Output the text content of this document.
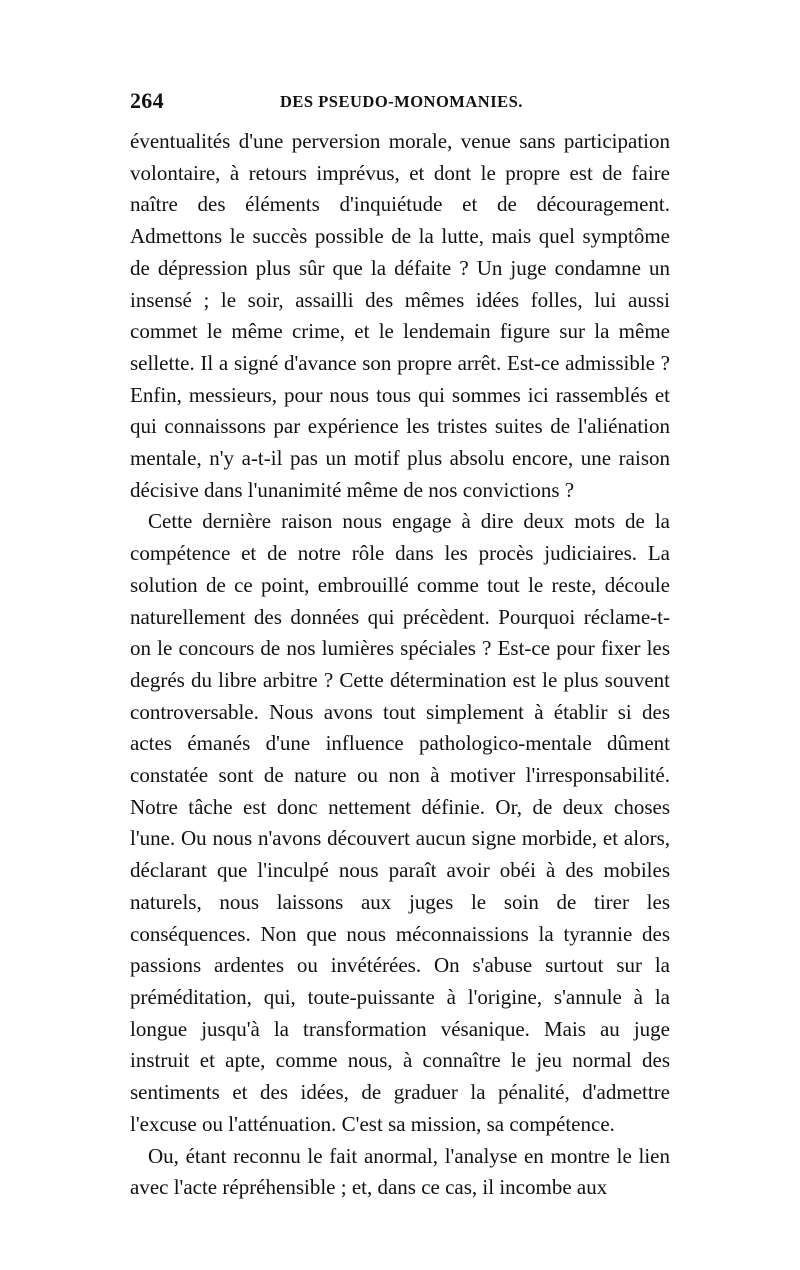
264	DES PSEUDO-MONOMANIES.

éventualités d'une perversion morale, venue sans participation volontaire, à retours imprévus, et dont le propre est de faire naître des éléments d'inquiétude et de découragement. Admettons le succès possible de la lutte, mais quel symptôme de dépression plus sûr que la défaite ? Un juge condamne un insensé ; le soir, assailli des mêmes idées folles, lui aussi commet le même crime, et le lendemain figure sur la même sellette. Il a signé d'avance son propre arrêt. Est-ce admissible ? Enfin, messieurs, pour nous tous qui sommes ici rassemblés et qui connaissons par expérience les tristes suites de l'aliénation mentale, n'y a-t-il pas un motif plus absolu encore, une raison décisive dans l'unanimité même de nos convictions ?

Cette dernière raison nous engage à dire deux mots de la compétence et de notre rôle dans les procès judiciaires. La solution de ce point, embrouillé comme tout le reste, découle naturellement des données qui précèdent. Pourquoi réclame-t-on le concours de nos lumières spéciales ? Est-ce pour fixer les degrés du libre arbitre ? Cette détermination est le plus souvent controversable. Nous avons tout simplement à établir si des actes émanés d'une influence pathologico-mentale dûment constatée sont de nature ou non à motiver l'irresponsabilité. Notre tâche est donc nettement définie. Or, de deux choses l'une. Ou nous n'avons découvert aucun signe morbide, et alors, déclarant que l'inculpé nous paraît avoir obéi à des mobiles naturels, nous laissons aux juges le soin de tirer les conséquences. Non que nous méconnaissions la tyrannie des passions ardentes ou invétérées. On s'abuse surtout sur la préméditation, qui, toute-puissante à l'origine, s'annule à la longue jusqu'à la transformation vésanique. Mais au juge instruit et apte, comme nous, à connaître le jeu normal des sentiments et des idées, de graduer la pénalité, d'admettre l'excuse ou l'atténuation. C'est sa mission, sa compétence.

Ou, étant reconnu le fait anormal, l'analyse en montre le lien avec l'acte répréhensible ; et, dans ce cas, il incombe aux
